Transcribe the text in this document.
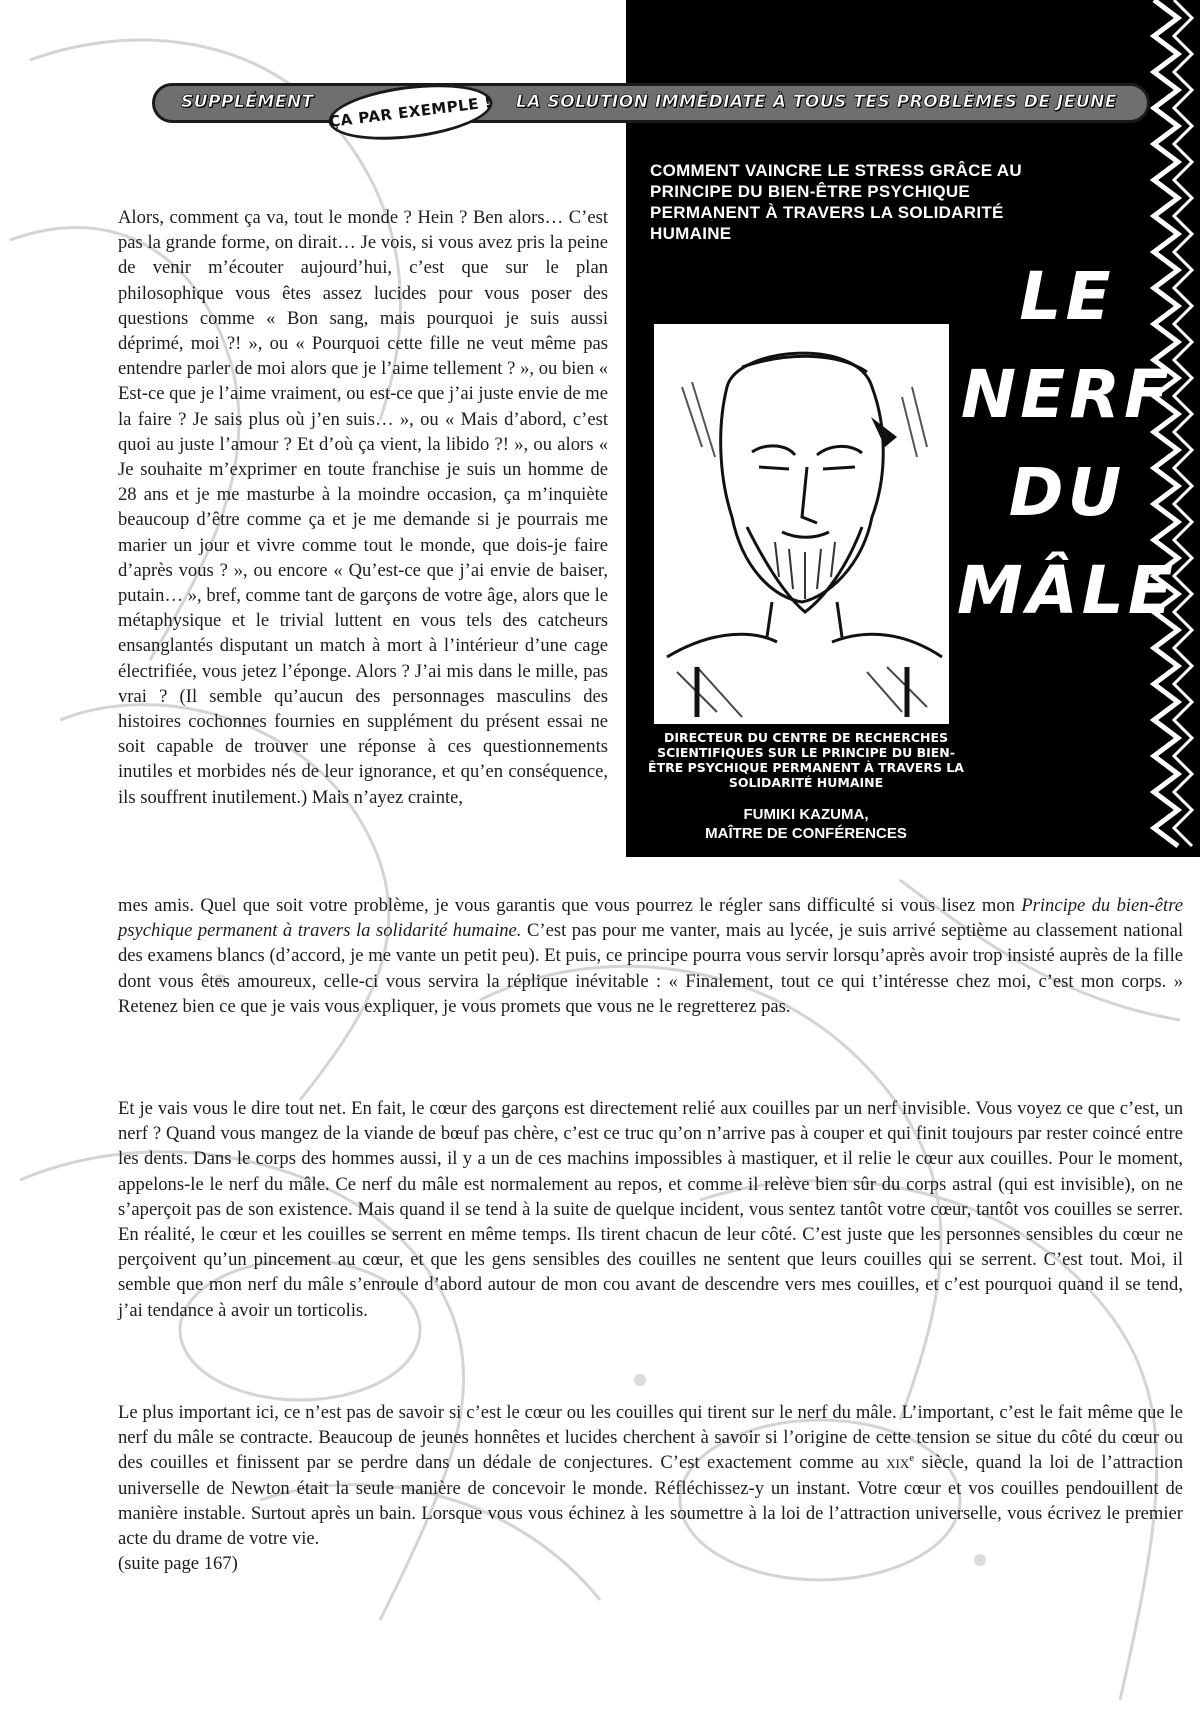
COMMENT VAINCRE LE STRESS GRÂCE AU PRINCIPE DU BIEN-ÊTRE PSYCHIQUE PERMANENT À TRAVERS LA SOLIDARITÉ HUMAINE
LE
NERF
DU
MÂLE
DIRECTEUR DU CENTRE DE RECHERCHES SCIENTIFIQUES SUR LE PRINCIPE DU BIEN-ÊTRE PSYCHIQUE PERMANENT À TRAVERS LA SOLIDARITÉ HUMAINE
FUMIKI KAZUMA,
MAÎTRE DE CONFÉRENCES
SUPPLÉMENT	LA SOLUTION IMMÉDIATE À TOUS TES PROBLÈMES DE JEUNE
ÇA PAR EXEMPLE !
Alors, comment ça va, tout le monde ? Hein ? Ben alors… C’est pas la grande forme, on dirait… Je vois, si vous avez pris la peine de venir m’écouter aujourd’hui, c’est que sur le plan philosophique vous êtes assez lucides pour vous poser des questions comme « Bon sang, mais pourquoi je suis aussi déprimé, moi ?! », ou « Pourquoi cette fille ne veut même pas entendre parler de moi alors que je l’aime tellement ? », ou bien « Est-ce que je l’aime vraiment, ou est-ce que j’ai juste envie de me la faire ? Je sais plus où j’en suis… », ou « Mais d’abord, c’est quoi au juste l’amour ? Et d’où ça vient, la libido ?! », ou alors « Je souhaite m’exprimer en toute franchise je suis un homme de 28 ans et je me masturbe à la moindre occasion, ça m’inquiète beaucoup d’être comme ça et je me demande si je pourrais me marier un jour et vivre comme tout le monde, que dois-je faire d’après vous ? », ou encore « Qu’est-ce que j’ai envie de baiser, putain… », bref, comme tant de garçons de votre âge, alors que le métaphysique et le trivial luttent en vous tels des catcheurs ensanglantés disputant un match à mort à l’intérieur d’une cage électrifiée, vous jetez l’éponge. Alors ? J’ai mis dans le mille, pas vrai ? (Il semble qu’aucun des personnages masculins des histoires cochonnes fournies en supplément du présent essai ne soit capable de trouver une réponse à ces questionnements inutiles et morbides nés de leur ignorance, et qu’en conséquence, ils souffrent inutilement.) Mais n’ayez crainte,

mes amis. Quel que soit votre problème, je vous garantis que vous pourrez le régler sans difficulté si vous lisez mon Principe du bien-être psychique permanent à travers la solidarité humaine. C’est pas pour me vanter, mais au lycée, je suis arrivé septième au classement national des examens blancs (d’accord, je me vante un petit peu). Et puis, ce principe pourra vous servir lorsqu’après avoir trop insisté auprès de la fille dont vous êtes amoureux, celle-ci vous servira la réplique inévitable : « Finalement, tout ce qui t’intéresse chez moi, c’est mon corps. » Retenez bien ce que je vais vous expliquer, je vous promets que vous ne le regretterez pas.

Et je vais vous le dire tout net. En fait, le cœur des garçons est directement relié aux couilles par un nerf invisible. Vous voyez ce que c’est, un nerf ? Quand vous mangez de la viande de bœuf pas chère, c’est ce truc qu’on n’arrive pas à couper et qui finit toujours par rester coincé entre les dents. Dans le corps des hommes aussi, il y a un de ces machins impossibles à mastiquer, et il relie le cœur aux couilles. Pour le moment, appelons-le le nerf du mâle. Ce nerf du mâle est normalement au repos, et comme il relève bien sûr du corps astral (qui est invisible), on ne s’aperçoit pas de son existence. Mais quand il se tend à la suite de quelque incident, vous sentez tantôt votre cœur, tantôt vos couilles se serrer. En réalité, le cœur et les couilles se serrent en même temps. Ils tirent chacun de leur côté. C’est juste que les personnes sensibles du cœur ne perçoivent qu’un pincement au cœur, et que les gens sensibles des couilles ne sentent que leurs couilles qui se serrent. C’est tout. Moi, il semble que mon nerf du mâle s’enroule d’abord autour de mon cou avant de descendre vers mes couilles, et c’est pourquoi quand il se tend, j’ai tendance à avoir un torticolis.

Le plus important ici, ce n’est pas de savoir si c’est le cœur ou les couilles qui tirent sur le nerf du mâle. L’important, c’est le fait même que le nerf du mâle se contracte. Beaucoup de jeunes honnêtes et lucides cherchent à savoir si l’origine de cette tension se situe du côté du cœur ou des couilles et finissent par se perdre dans un dédale de conjectures. C’est exactement comme au xix$^e$ siècle, quand la loi de l’attraction universelle de Newton était la seule manière de concevoir le monde. Réfléchissez-y un instant. Votre cœur et vos couilles pendouillent de manière instable. Surtout après un bain. Lorsque vous vous échinez à les soumettre à la loi de l’attraction universelle, vous écrivez le premier acte du drame de votre vie.
(suite page 167)
